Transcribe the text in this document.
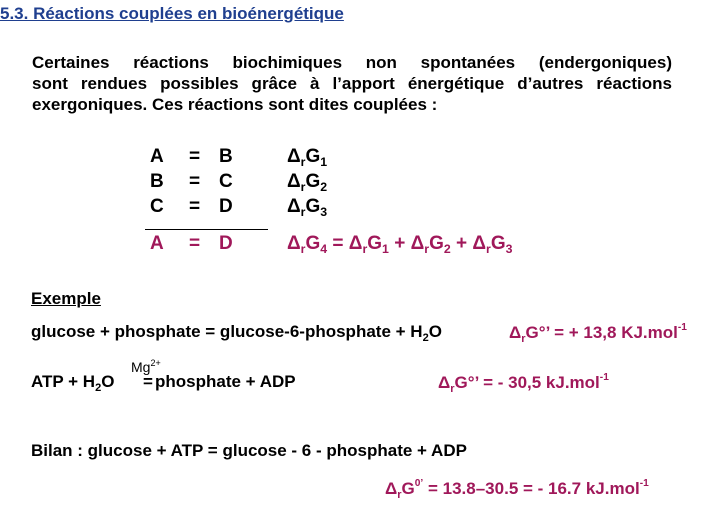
5.3. Réactions couplées en bioénergétique
Certaines réactions biochimiques non spontanées (endergoniques)
sont rendues possibles grâce à l’apport énergétique d’autres réactions
exergoniques. Ces réactions sont dites couplées :
A = B	$\Delta_rG_1$
B = C	$\Delta_rG_2$
C = D	$\Delta_rG_3$
A = D	$\Delta_rG_4 = \Delta_rG_1 + \Delta_rG_2 + \Delta_rG_3$
Exemple
glucose + phosphate = glucose-6-phosphate + $H_2O$	$\Delta_rG^\circ$’ = + 13,8 KJ.mol$^{-1}$
$Mg^{2+}$
ATP + $H_2O$ = phosphate + ADP	$\Delta_rG^\circ$’ = - 30,5 kJ.mol$^{-1}$
Bilan : glucose + ATP = glucose - 6 - phosphate + ADP
$\Delta_rG^{0’} = 13.8-30.5$ = - 16.7 kJ.mol$^{-1}$
